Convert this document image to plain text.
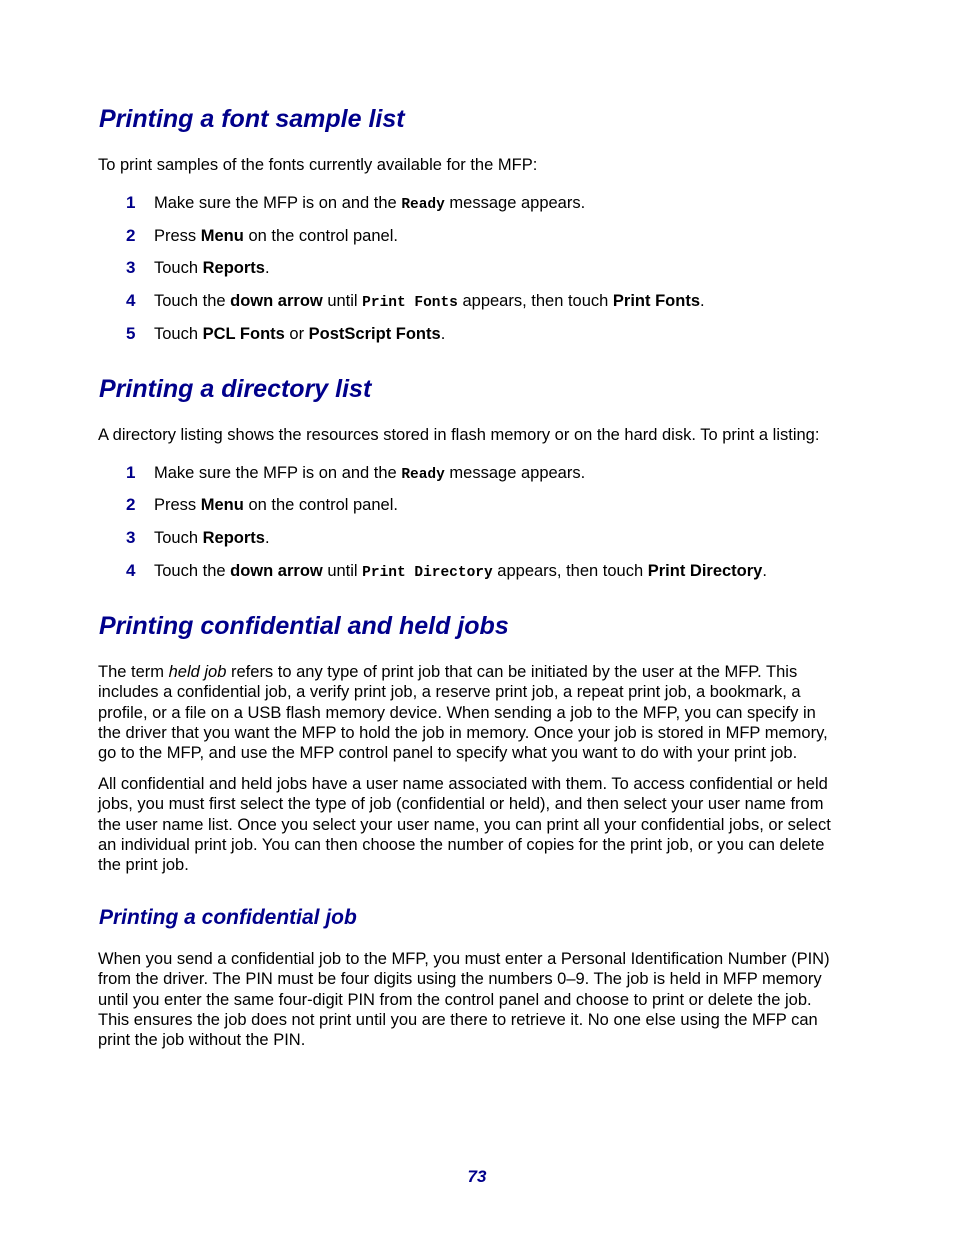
Printing a font sample list

To print samples of the fonts currently available for the MFP:

1	Make sure the MFP is on and the Ready message appears.
2	Press Menu on the control panel.
3	Touch Reports.
4	Touch the down arrow until Print Fonts appears, then touch Print Fonts.
5	Touch PCL Fonts or PostScript Fonts.
Printing a directory list

A directory listing shows the resources stored in flash memory or on the hard disk. To print a listing:

1	Make sure the MFP is on and the Ready message appears.
2	Press Menu on the control panel.
3	Touch Reports.
4	Touch the down arrow until Print Directory appears, then touch Print Directory.
Printing confidential and held jobs
The term held job refers to any type of print job that can be initiated by the user at the MFP. This
includes a confidential job, a verify print job, a reserve print job, a repeat print job, a bookmark, a
profile, or a file on a USB flash memory device. When sending a job to the MFP, you can specify in
the driver that you want the MFP to hold the job in memory. Once your job is stored in MFP memory,
go to the MFP, and use the MFP control panel to specify what you want to do with your print job.
All confidential and held jobs have a user name associated with them. To access confidential or held
jobs, you must first select the type of job (confidential or held), and then select your user name from
the user name list. Once you select your user name, you can print all your confidential jobs, or select
an individual print job. You can then choose the number of copies for the print job, or you can delete
the print job.
Printing a confidential job
When you send a confidential job to the MFP, you must enter a Personal Identification Number (PIN)
from the driver. The PIN must be four digits using the numbers 0–9. The job is held in MFP memory
until you enter the same four-digit PIN from the control panel and choose to print or delete the job.
This ensures the job does not print until you are there to retrieve it. No one else using the MFP can
print the job without the PIN.
73
